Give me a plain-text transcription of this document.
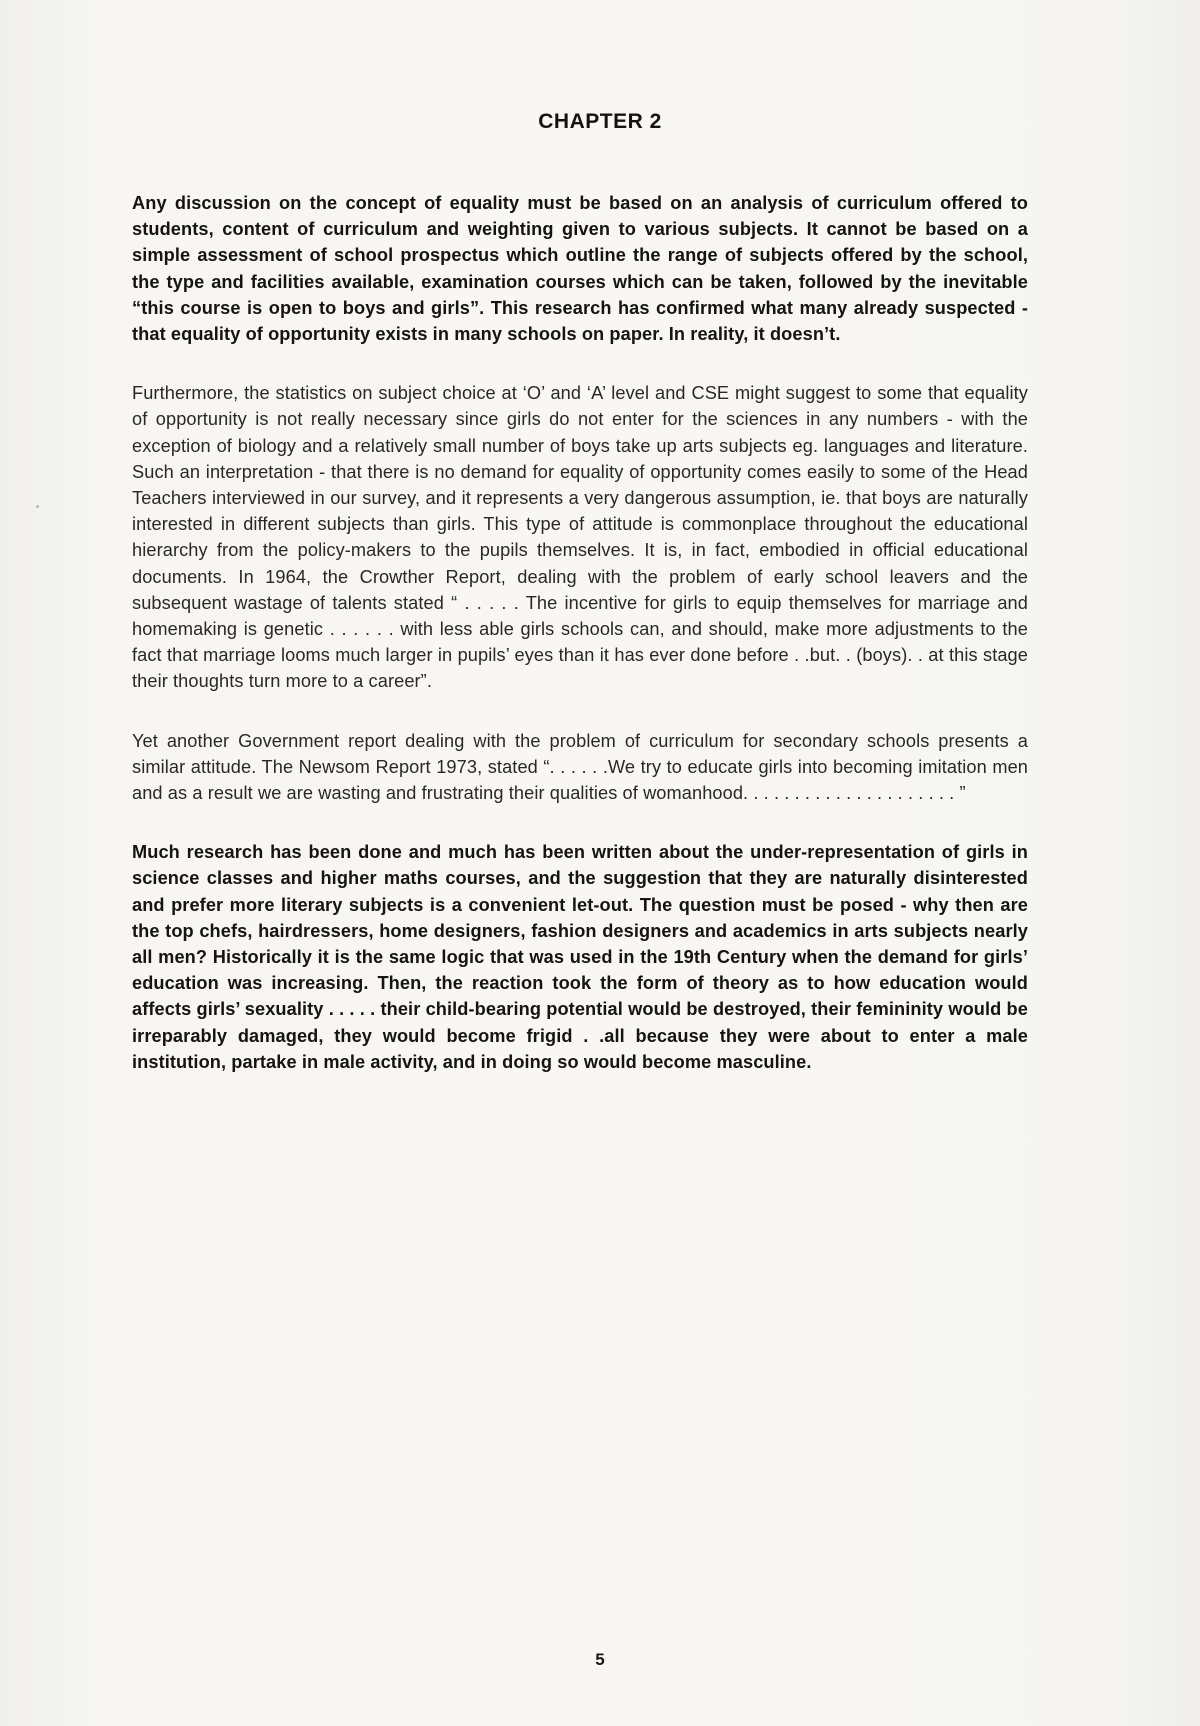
CHAPTER 2

Any discussion on the concept of equality must be based on an analysis of curriculum offered to students, content of curriculum and weighting given to various subjects. It cannot be based on a simple assessment of school prospectus which outline the range of subjects offered by the school, the type and facilities available, examination courses which can be taken, followed by the inevitable “this course is open to boys and girls”. This research has confirmed what many already suspected - that equality of opportunity exists in many schools on paper. In reality, it doesn’t.

Furthermore, the statistics on subject choice at ‘O’ and ‘A’ level and CSE might suggest to some that equality of opportunity is not really necessary since girls do not enter for the sciences in any numbers - with the exception of biology and a relatively small number of boys take up arts subjects eg. languages and literature. Such an interpretation - that there is no demand for equality of opportunity comes easily to some of the Head Teachers interviewed in our survey, and it represents a very dangerous assumption, ie. that boys are naturally interested in different subjects than girls. This type of attitude is commonplace throughout the educational hierarchy from the policy-makers to the pupils themselves. It is, in fact, embodied in official educational documents. In 1964, the Crowther Report, dealing with the problem of early school leavers and the subsequent wastage of talents stated “ . . . . . The incentive for girls to equip themselves for marriage and homemaking is genetic . . . . . . with less able girls schools can, and should, make more adjustments to the fact that marriage looms much larger in pupils’ eyes than it has ever done before . .but. . (boys). . at this stage their thoughts turn more to a career”.

Yet another Government report dealing with the problem of curriculum for secondary schools presents a similar attitude. The Newsom Report 1973, stated “. . . . . .We try to educate girls into becoming imitation men and as a result we are wasting and frustrating their qualities of womanhood. . . . . . . . . . . . . . . . . . . . . ”

Much research has been done and much has been written about the under-representation of girls in science classes and higher maths courses, and the suggestion that they are naturally disinterested and prefer more literary subjects is a convenient let-out. The question must be posed - why then are the top chefs, hairdressers, home designers, fashion designers and academics in arts subjects nearly all men? Historically it is the same logic that was used in the 19th Century when the demand for girls’ education was increasing. Then, the reaction took the form of theory as to how education would affects girls’ sexuality . . . . . their child-bearing potential would be destroyed, their femininity would be irreparably damaged, they would become frigid . .all because they were about to enter a male institution, partake in male activity, and in doing so would become masculine.

5
